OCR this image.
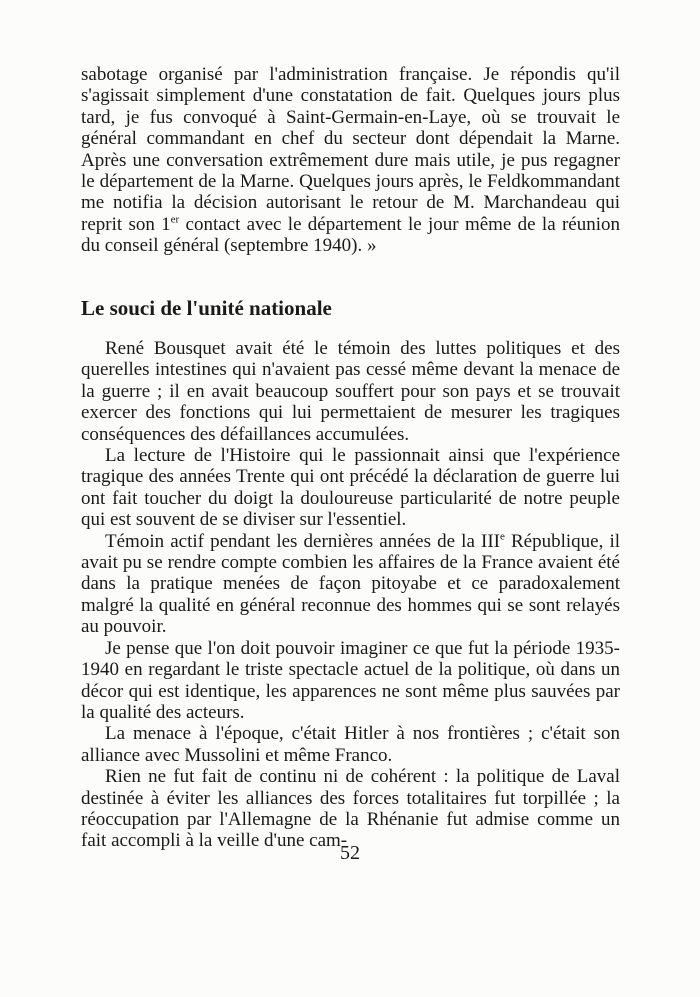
sabotage organisé par l'administration française. Je répondis qu'il s'agissait simplement d'une constatation de fait. Quelques jours plus tard, je fus convoqué à Saint-Germain-en-Laye, où se trouvait le général commandant en chef du secteur dont dépendait la Marne. Après une conversation extrêmement dure mais utile, je pus regagner le département de la Marne. Quelques jours après, le Feldkommandant me notifia la décision autorisant le retour de M. Marchandeau qui reprit son 1er contact avec le département le jour même de la réunion du conseil général (septembre 1940). »

Le souci de l'unité nationale

René Bousquet avait été le témoin des luttes politiques et des querelles intestines qui n'avaient pas cessé même devant la menace de la guerre ; il en avait beaucoup souffert pour son pays et se trouvait exercer des fonctions qui lui permettaient de mesurer les tragiques conséquences des défaillances accumulées.

La lecture de l'Histoire qui le passionnait ainsi que l'expérience tragique des années Trente qui ont précédé la déclaration de guerre lui ont fait toucher du doigt la douloureuse particularité de notre peuple qui est souvent de se diviser sur l'essentiel.

Témoin actif pendant les dernières années de la IIIe République, il avait pu se rendre compte combien les affaires de la France avaient été dans la pratique menées de façon pitoyabe et ce paradoxalement malgré la qualité en général reconnue des hommes qui se sont relayés au pouvoir.

Je pense que l'on doit pouvoir imaginer ce que fut la période 1935-1940 en regardant le triste spectacle actuel de la politique, où dans un décor qui est identique, les apparences ne sont même plus sauvées par la qualité des acteurs.

La menace à l'époque, c'était Hitler à nos frontières ; c'était son alliance avec Mussolini et même Franco.

Rien ne fut fait de continu ni de cohérent : la politique de Laval destinée à éviter les alliances des forces totalitaires fut torpillée ; la réoccupation par l'Allemagne de la Rhénanie fut admise comme un fait accompli à la veille d'une cam-

52
